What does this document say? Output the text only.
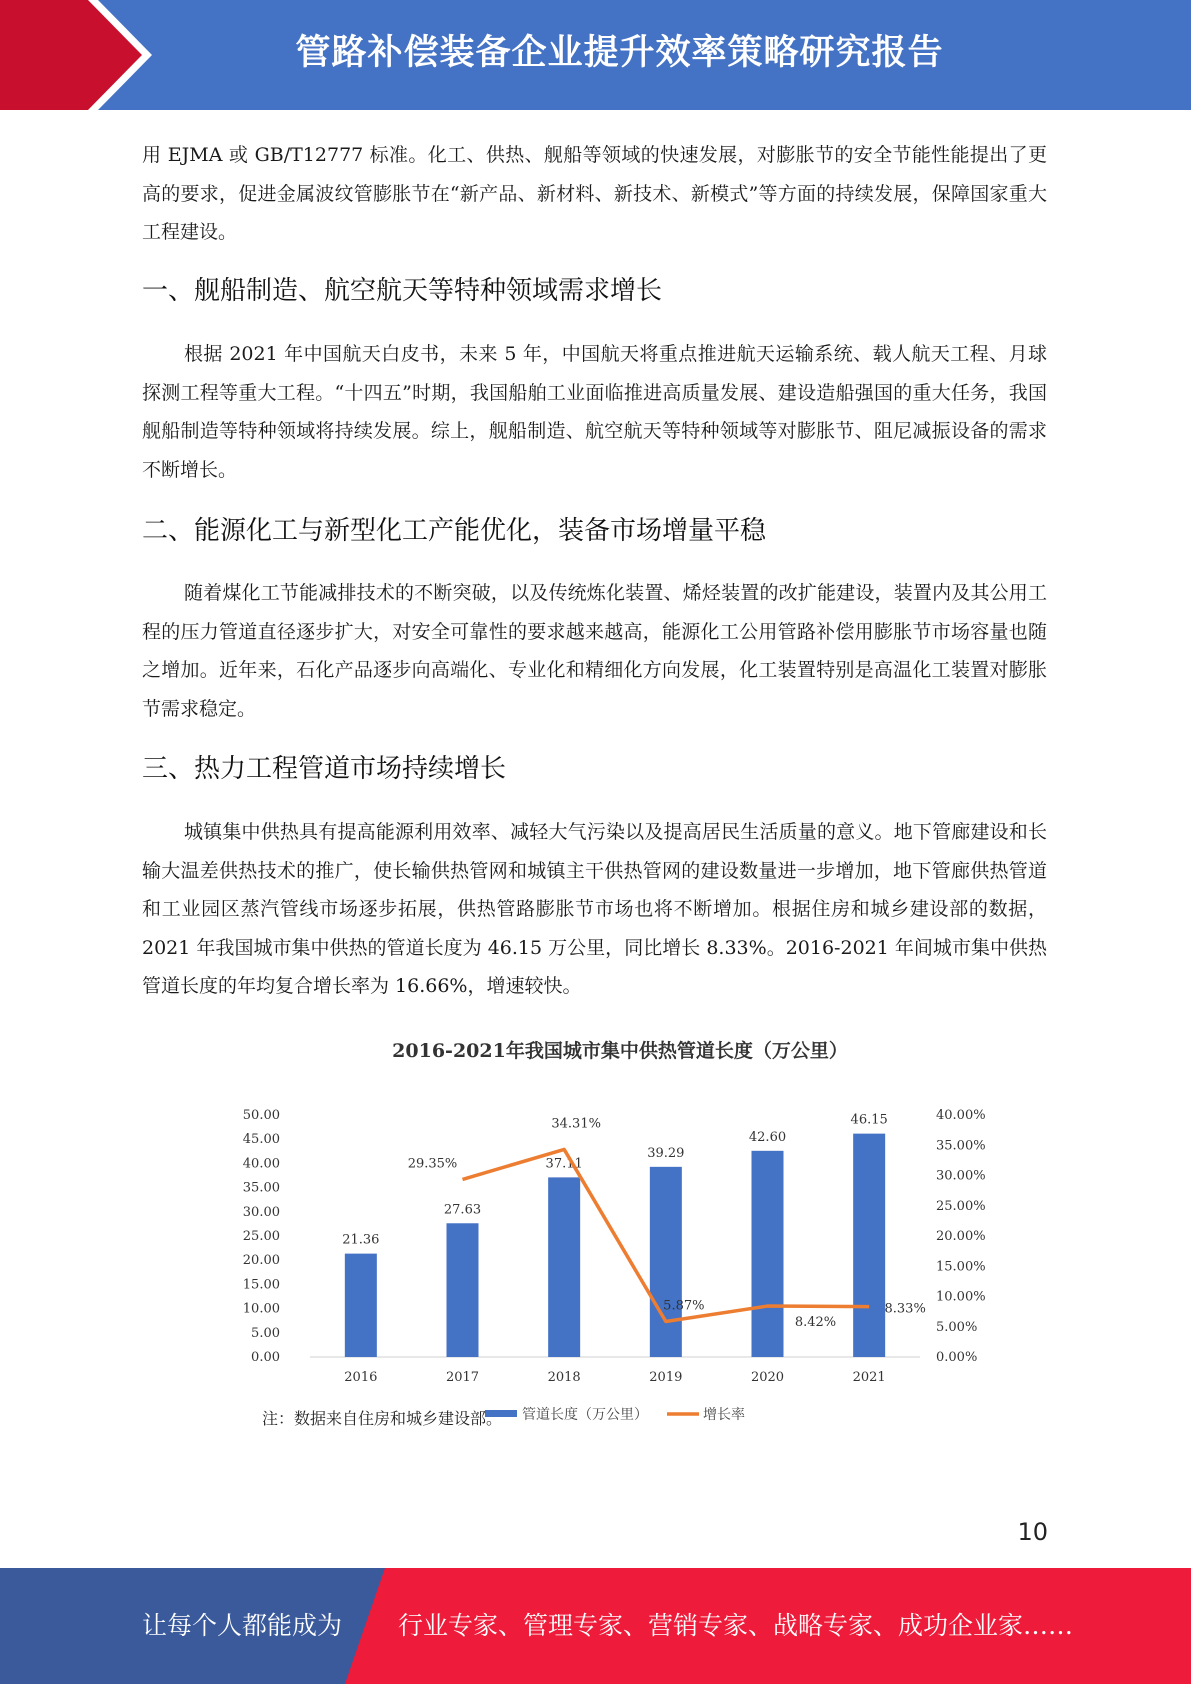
管路补偿装备企业提升效率策略研究报告

用 EJMA 或 GB/T12777 标准。化工、供热、舰船等领域的快速发展，对膨胀节的安全节能性能提出了更高的要求，促进金属波纹管膨胀节在“新产品、新材料、新技术、新模式”等方面的持续发展，保障国家重大工程建设。

一、舰船制造、航空航天等特种领域需求增长

根据 2021 年中国航天白皮书，未来 5 年，中国航天将重点推进航天运输系统、载人航天工程、月球探测工程等重大工程。“十四五”时期，我国船舶工业面临推进高质量发展、建设造船强国的重大任务，我国舰船制造等特种领域将持续发展。综上，舰船制造、航空航天等特种领域等对膨胀节、阻尼减振设备的需求不断增长。

二、能源化工与新型化工产能优化，装备市场增量平稳

随着煤化工节能减排技术的不断突破，以及传统炼化装置、烯烃装置的改扩能建设，装置内及其公用工程的压力管道直径逐步扩大，对安全可靠性的要求越来越高，能源化工公用管路补偿用膨胀节市场容量也随之增加。近年来，石化产品逐步向高端化、专业化和精细化方向发展，化工装置特别是高温化工装置对膨胀节需求稳定。

三、热力工程管道市场持续增长

城镇集中供热具有提高能源利用效率、减轻大气污染以及提高居民生活质量的意义。地下管廊建设和长输大温差供热技术的推广，使长输供热管网和城镇主干供热管网的建设数量进一步增加，地下管廊供热管道和工业园区蒸汽管线市场逐步拓展，供热管路膨胀节市场也将不断增加。根据住房和城乡建设部的数据，2021 年我国城市集中供热的管道长度为 46.15 万公里，同比增长 8.33%。2016-2021 年间城市集中供热管道长度的年均复合增长率为 16.66%，增速较快。

2016-2021年我国城市集中供热管道长度（万公里）
0.00
5.00
10.00
15.00
20.00
25.00
30.00
35.00
40.00
45.00
50.00
0.00%
5.00%
10.00%
15.00%
20.00%
25.00%
30.00%
35.00%
40.00%
21.36
2016
27.63
2017
37.11
2018
39.29
2019
42.60
2020
46.15
2021
29.35%
34.31%
5.87%
8.42%
8.33%
管道长度（万公里）	增长率
注：数据来自住房和城乡建设部。
10
让每个人都能成为 行业专家、管理专家、营销专家、战略专家、成功企业家……
